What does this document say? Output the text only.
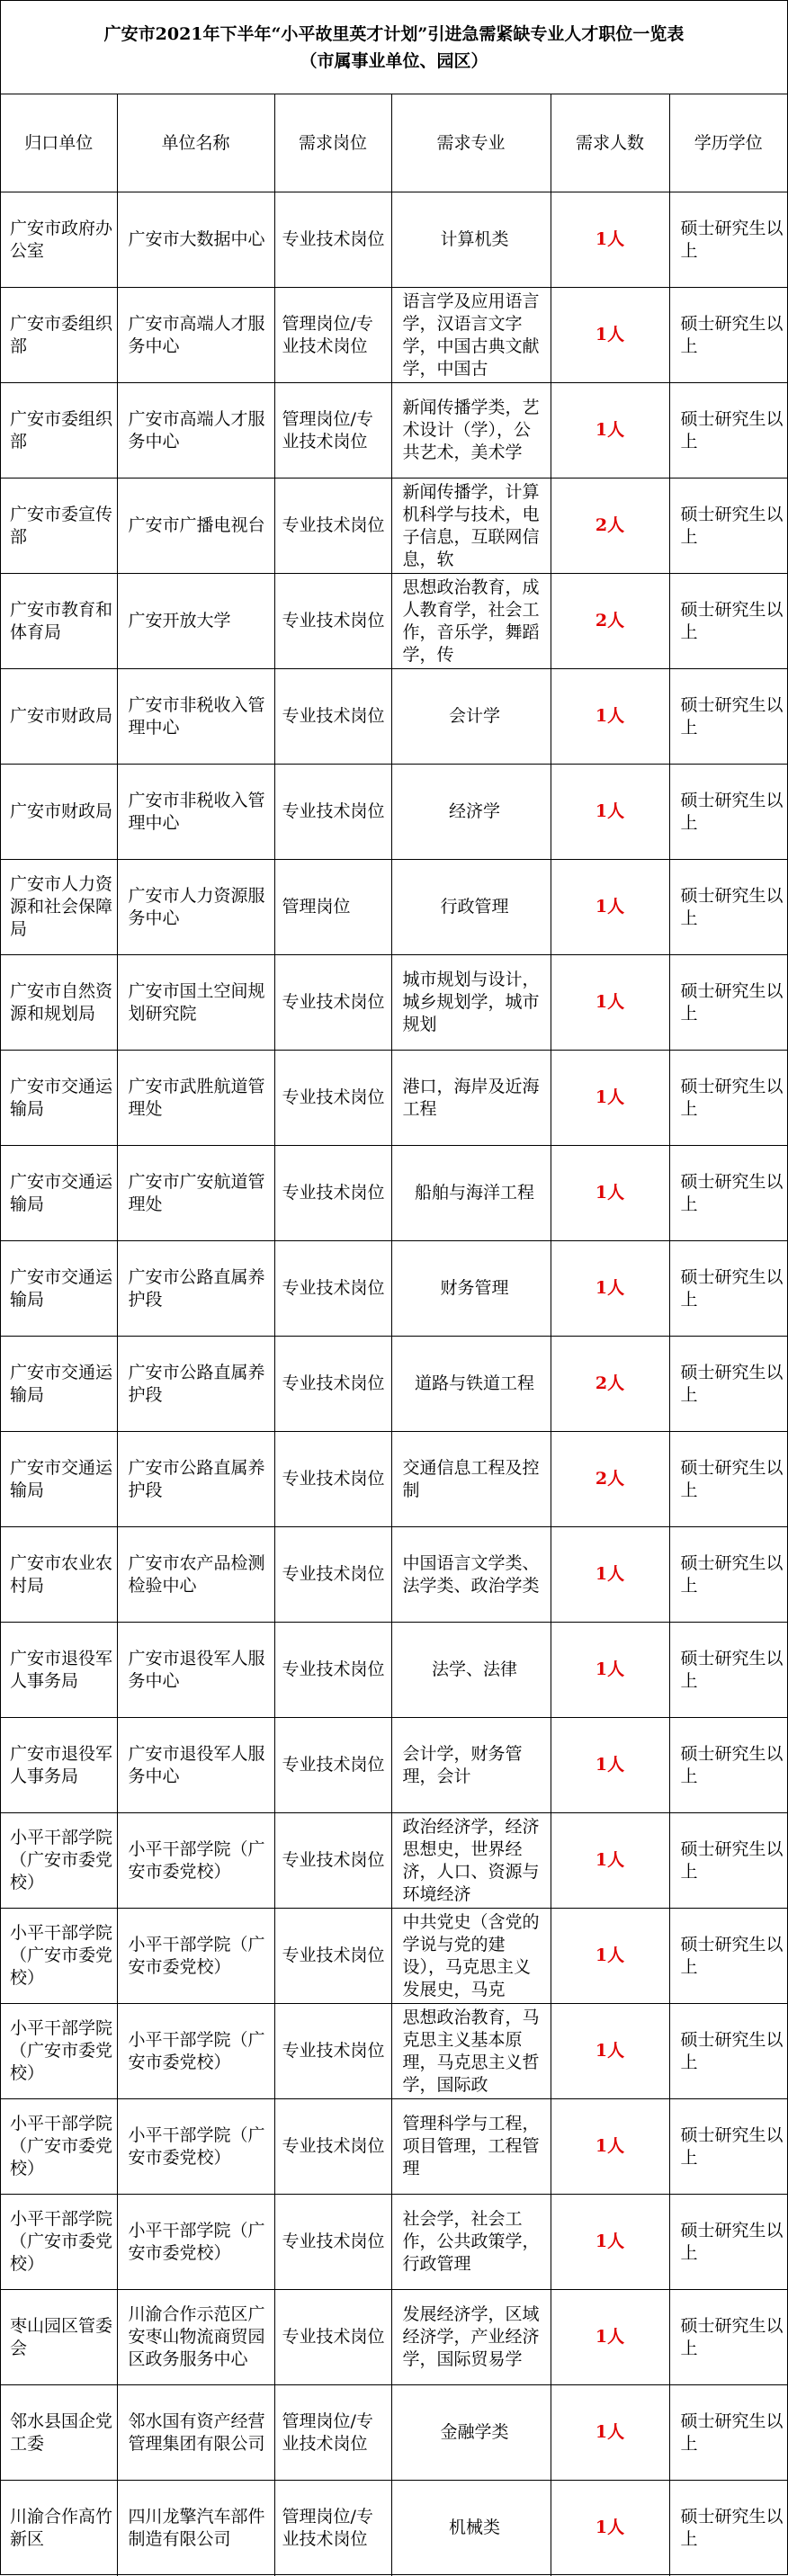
广安市2021年下半年“小平故里英才计划”引进急需紧缺专业人才职位一览表
（市属事业单位、园区）
归口单位	单位名称	需求岗位	需求专业	需求人数	学历学位

广安市政府办公室	广安市大数据中心	专业技术岗位	计算机类	1人	硕士研究生以上

广安市委组织部	广安市高端人才服务中心	管理岗位/专业技术岗位	语言学及应用语言学，汉语言文字学，中国古典文献学，中国古	1人	硕士研究生以上

广安市委组织部	广安市高端人才服务中心	管理岗位/专业技术岗位	新闻传播学类，艺术设计（学），公共艺术，美术学	1人	硕士研究生以上

广安市委宣传部	广安市广播电视台	专业技术岗位	新闻传播学，计算机科学与技术，电子信息，互联网信息，软	2人	硕士研究生以上

广安市教育和体育局	广安开放大学	专业技术岗位	思想政治教育，成人教育学，社会工作，音乐学，舞蹈学，传	2人	硕士研究生以上

广安市财政局	广安市非税收入管理中心	专业技术岗位	会计学	1人	硕士研究生以上

广安市财政局	广安市非税收入管理中心	专业技术岗位	经济学	1人	硕士研究生以上

广安市人力资源和社会保障局	广安市人力资源服务中心	管理岗位	行政管理	1人	硕士研究生以上

广安市自然资源和规划局	广安市国土空间规划研究院	专业技术岗位	城市规划与设计，城乡规划学，城市规划	1人	硕士研究生以上

广安市交通运输局	广安市武胜航道管理处	专业技术岗位	港口，海岸及近海工程	1人	硕士研究生以上

广安市交通运输局	广安市广安航道管理处	专业技术岗位	船舶与海洋工程	1人	硕士研究生以上

广安市交通运输局	广安市公路直属养护段	专业技术岗位	财务管理	1人	硕士研究生以上

广安市交通运输局	广安市公路直属养护段	专业技术岗位	道路与铁道工程	2人	硕士研究生以上

广安市交通运输局	广安市公路直属养护段	专业技术岗位	交通信息工程及控制	2人	硕士研究生以上

广安市农业农村局	广安市农产品检测检验中心	专业技术岗位	中国语言文学类、法学类、政治学类	1人	硕士研究生以上

广安市退役军人事务局	广安市退役军人服务中心	专业技术岗位	法学、法律	1人	硕士研究生以上

广安市退役军人事务局	广安市退役军人服务中心	专业技术岗位	会计学，财务管理，会计	1人	硕士研究生以上

小平干部学院（广安市委党校）	小平干部学院（广安市委党校）	专业技术岗位	政治经济学，经济思想史，世界经济，人口、资源与环境经济	1人	硕士研究生以上

小平干部学院（广安市委党校）	小平干部学院（广安市委党校）	专业技术岗位	中共党史（含党的学说与党的建设），马克思主义发展史，马克	1人	硕士研究生以上

小平干部学院（广安市委党校）	小平干部学院（广安市委党校）	专业技术岗位	思想政治教育，马克思主义基本原理，马克思主义哲学，国际政	1人	硕士研究生以上

小平干部学院（广安市委党校）	小平干部学院（广安市委党校）	专业技术岗位	管理科学与工程，项目管理，工程管理	1人	硕士研究生以上

小平干部学院（广安市委党校）	小平干部学院（广安市委党校）	专业技术岗位	社会学，社会工作，公共政策学，行政管理	1人	硕士研究生以上

枣山园区管委会	川渝合作示范区广安枣山物流商贸园区政务服务中心	专业技术岗位	发展经济学，区域经济学，产业经济学，国际贸易学	1人	硕士研究生以上

邻水县国企党工委	邻水国有资产经营管理集团有限公司	管理岗位/专业技术岗位	金融学类	1人	硕士研究生以上

川渝合作高竹新区	四川龙擎汽车部件制造有限公司	管理岗位/专业技术岗位	机械类	1人	硕士研究生以上
